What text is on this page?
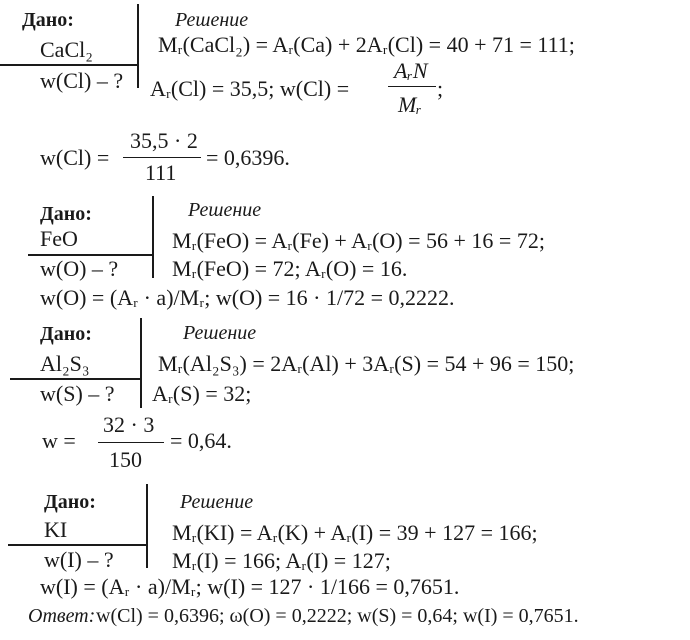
Дано:	Решение
CaCl₂
w(Cl) – ?
Mᵣ(CaCl₂) = Aᵣ(Ca) + 2Aᵣ(Cl) = 40 + 71 = 111;
Aᵣ(Cl) = 35,5; w(Cl) =
AᵣN
Mᵣ
;
w(Cl) =
35,5 · 2
111
= 0,6396.
Дано:	Решение
FeO
w(O) – ?
Mᵣ(FeO) = Aᵣ(Fe) + Aᵣ(O) = 56 + 16 = 72;
Mᵣ(FeO) = 72; Aᵣ(O) = 16.
w(O) = (Aᵣ · a)/Mᵣ; w(O) = 16 · 1/72 = 0,2222.
Дано:	Решение
Al₂S₃
w(S) – ?
Mᵣ(Al₂S₃) = 2Aᵣ(Al) + 3Aᵣ(S) = 54 + 96 = 150;
Aᵣ(S) = 32;
w =
32 · 3
150
= 0,64.
Дано:	Решение
KI
w(I) – ?
Mᵣ(KI) = Aᵣ(K) + Aᵣ(I) = 39 + 127 = 166;
Mᵣ(I) = 166; Aᵣ(I) = 127;
w(I) = (Aᵣ · a)/Mᵣ; w(I) = 127 · 1/166 = 0,7651.
Ответ: w(Cl) = 0,6396; ω(O) = 0,2222; w(S) = 0,64; w(I) = 0,7651.
